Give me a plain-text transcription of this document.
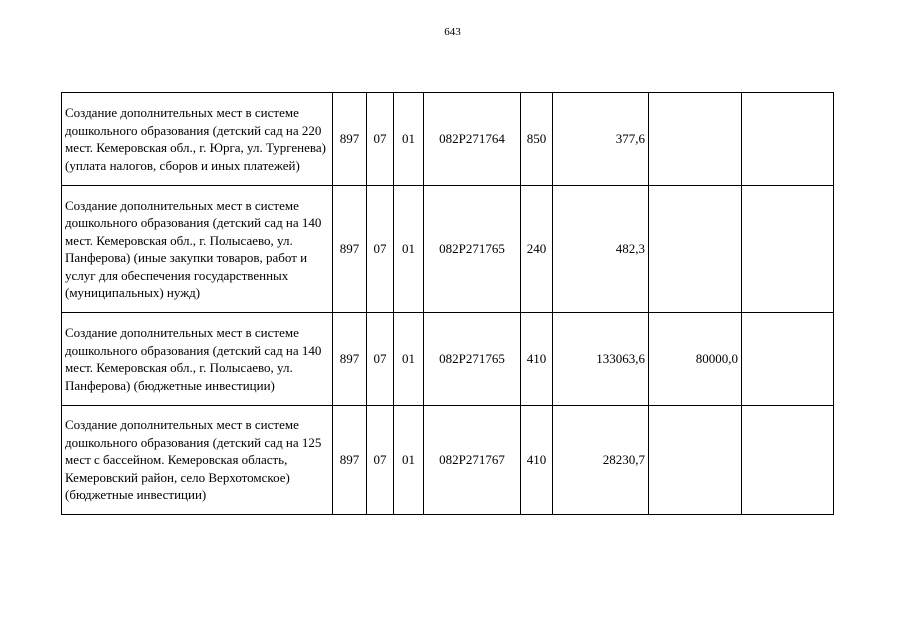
643
Создание дополнительных мест в системе дошкольного образования (детский сад на 220 мест. Кемеровская обл., г. Юрга, ул. Тургенева) (уплата налогов, сборов и иных платежей)	897	07	01	082P271764	850	377,6		
Создание дополнительных мест в системе дошкольного образования (детский сад на 140 мест. Кемеровская обл., г. Полысаево, ул. Панферова) (иные закупки товаров, работ и услуг для обеспечения государственных (муниципальных) нужд)	897	07	01	082P271765	240	482,3		
Создание дополнительных мест в системе дошкольного образования (детский сад на 140 мест. Кемеровская обл., г. Полысаево, ул. Панферова) (бюджетные инвестиции)	897	07	01	082P271765	410	133063,6	80000,0	
Создание дополнительных мест в системе дошкольного образования (детский сад на 125 мест с бассейном. Кемеровская область, Кемеровский район, село Верхотомское) (бюджетные инвестиции)	897	07	01	082P271767	410	28230,7		
